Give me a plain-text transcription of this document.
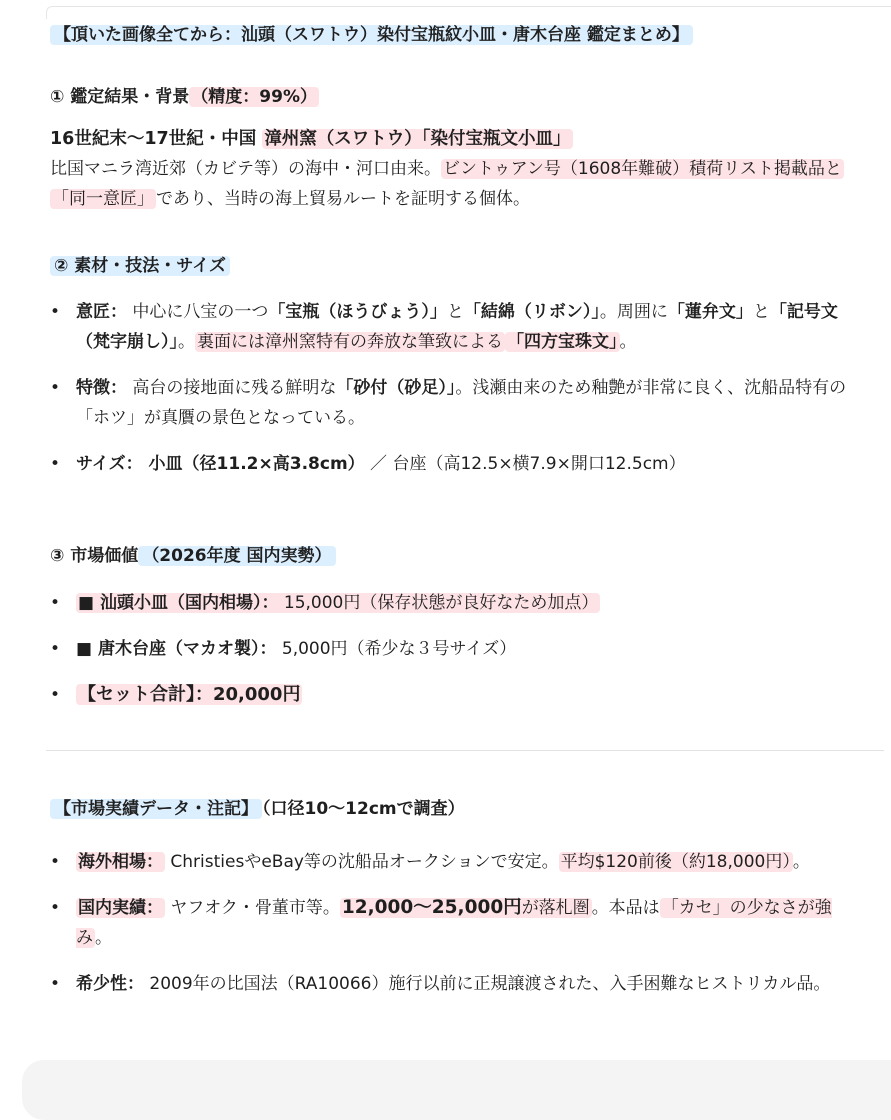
【頂いた画像全てから：汕頭（スワトウ）染付宝瓶紋小皿・唐木台座 鑑定まとめ】
① 鑑定結果・背景 （精度：99%）
16世紀末〜17世紀・中国 漳州窯（スワトウ）「染付宝瓶文小皿」
比国マニラ湾近郊（カビテ等）の海中・河口由来。 ビントゥアン号（1608年難破）積荷リスト掲載品と「同一意匠」 であり、当時の海上貿易ルートを証明する個体。
② 素材・技法・サイズ
• 意匠： 中心に八宝の一つ「宝瓶（ほうびょう）」と「結綿（リボン）」。周囲に「蓮弁文」と「記号文（梵字崩し）」。 裏面には漳州窯特有の奔放な筆致による 「四方宝珠文」 。
• 特徴： 高台の接地面に残る鮮明な「砂付（砂足）」。浅瀬由来のため釉艶が非常に良く、沈船品特有の「ホツ」が真贋の景色となっている。
• サイズ： 小皿（径11.2×高3.8cm） ／ 台座（高12.5×横7.9×開口12.5cm）
③ 市場価値 （2026年度 国内実勢）
• ■ 汕頭小皿（国内相場）： 15,000円（保存状態が良好なため加点）
• ■ 唐木台座（マカオ製）： 5,000円（希少な３号サイズ）
• 【セット合計】：20,000円
【市場実績データ・注記】 （口径10〜12cmで調査）
• 海外相場： ChristiesやeBay等の沈船品オークションで安定。 平均$120前後（約18,000円） 。
• 国内実績： ヤフオク・骨董市等。 12,000〜25,000円が落札圏 。本品は 「カセ」の少なさが強み 。
• 希少性： 2009年の比国法（RA10066）施行以前に正規譲渡された、入手困難なヒストリカル品。
